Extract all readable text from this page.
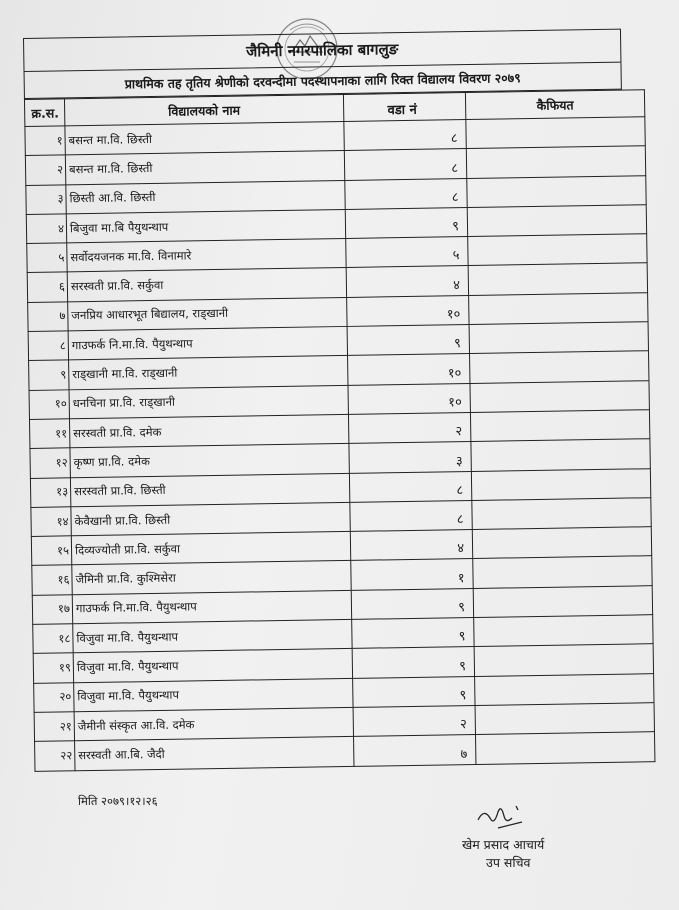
जैमिनी नगरपालिका बागलुङ
प्राथमिक तह तृतिय श्रेणीको दरवन्दीमा पदस्थापनाका लागि रिक्त विद्यालय विवरण २०७९
क्र.स.	विद्यालयको नाम	वडा नं	कैफियत
१	बसन्त मा.वि. छिस्ती	८	
२	बसन्त मा.वि. छिस्ती	८	
३	छिस्ती आ.वि. छिस्ती	८	
४	बिजुवा मा.बि पैयुथन्थाप	९	
५	सर्वोदयजनक मा.वि. विनामारे	५	
६	सरस्वती प्रा.वि. सर्कुवा	४	
७	जनप्रिय आधारभूत बिद्यालय, राड्खानी	१०	
८	गाउफर्क नि.मा.वि. पैयुथन्थाप	९	
९	राड्खानी मा.वि. राड्खानी	१०	
१०	धनचिना प्रा.वि. राड्खानी	१०	
११	सरस्वती प्रा.वि. दमेक	२	
१२	कृष्ण प्रा.वि. दमेक	३	
१३	सरस्वती प्रा.वि. छिस्ती	८	
१४	केवैखानी प्रा.वि. छिस्ती	८	
१५	दिव्यज्योती प्रा.वि. सर्कुवा	४	
१६	जैमिनी प्रा.वि. कुश्मिसेरा	१	
१७	गाउफर्क नि.मा.वि. पैयुथन्थाप	९	
१८	विजुवा मा.वि. पैयुथन्थाप	९	
१९	विजुवा मा.वि. पैयुथन्थाप	९	
२०	विजुवा मा.वि. पैयुथन्थाप	९	
२१	जैमीनी संस्कृत आ.वि. दमेक	२	
२२	सरस्वती आ.बि. जैदी	७	
मिति २०७९।१२।२६
खेम प्रसाद आचार्य
उप सचिव
